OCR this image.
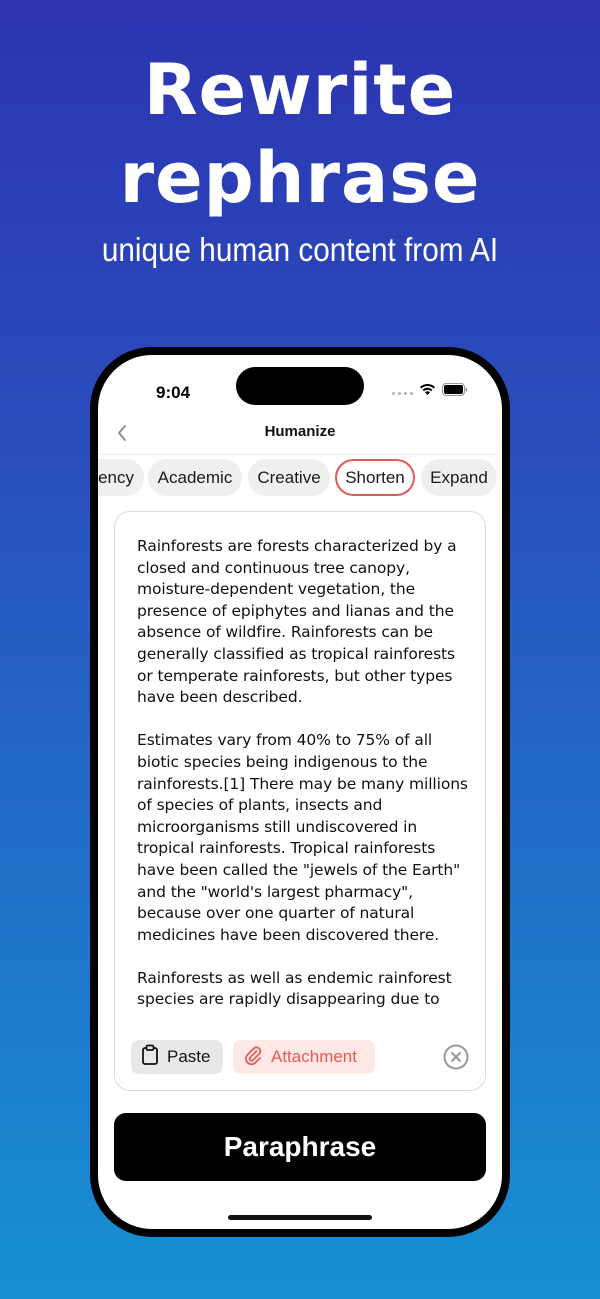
Rewrite
rephrase
unique human content from AI
9:04
Humanize
ency	Academic	Creative	Shorten	Expand

Rainforests are forests characterized by a closed and continuous tree canopy, moisture-dependent vegetation, the presence of epiphytes and lianas and the absence of wildfire. Rainforests can be generally classified as tropical rainforests or temperate rainforests, but other types have been described.

Estimates vary from 40% to 75% of all biotic species being indigenous to the rainforests.[1] There may be many millions of species of plants, insects and microorganisms still undiscovered in tropical rainforests. Tropical rainforests have been called the "jewels of the Earth" and the "world's largest pharmacy", because over one quarter of natural medicines have been discovered there.

Rainforests as well as endemic rainforest species are rapidly disappearing due to

Paste	Attachment
Paraphrase
